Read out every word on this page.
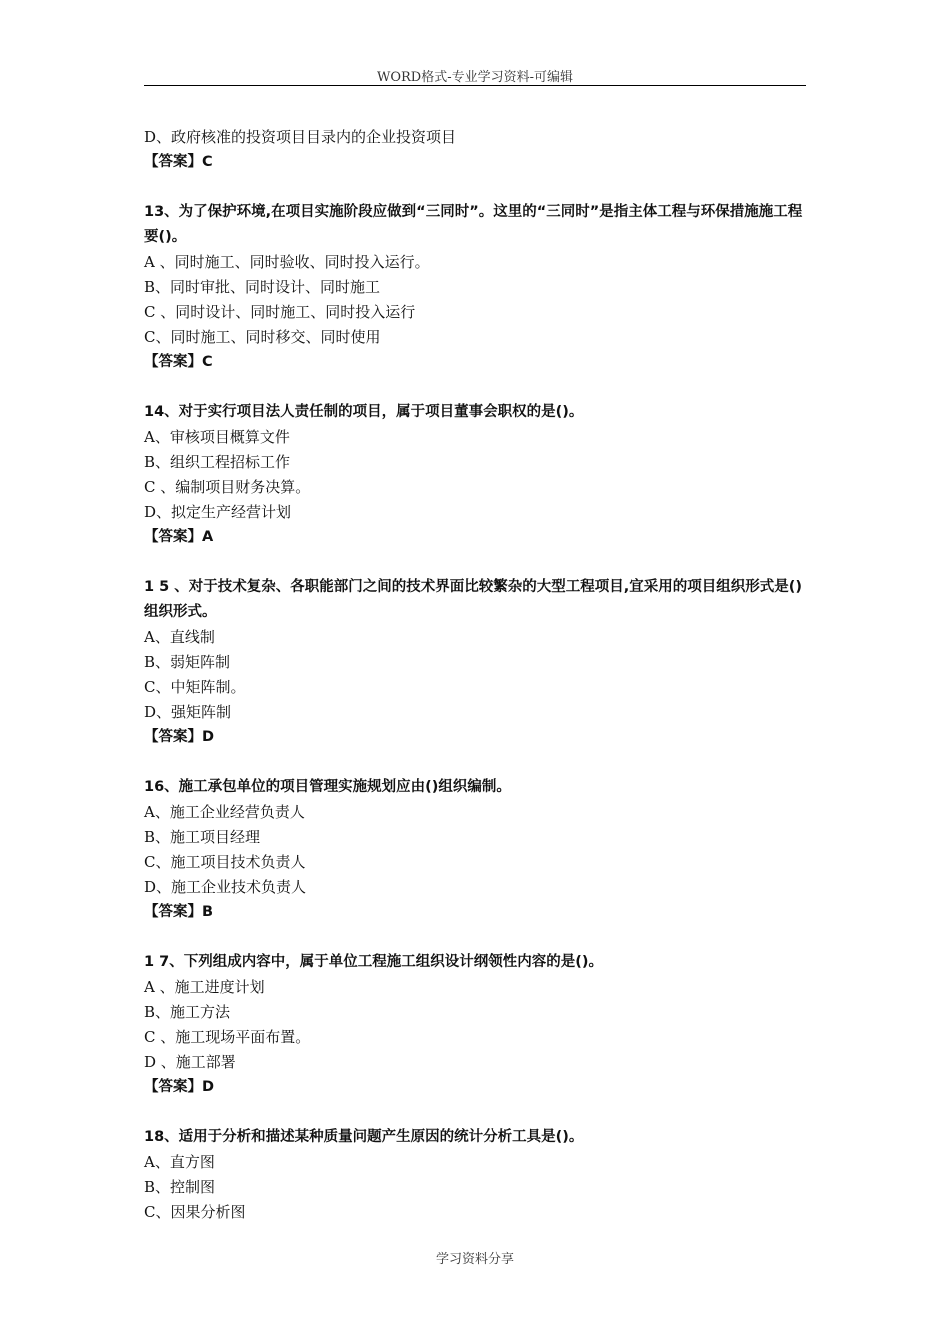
WORD格式-专业学习资料-可编辑
D、政府核准的投资项目目录内的企业投资项目
【答案】C
13、为了保护环境,在项目实施阶段应做到“三同时”。这里的“三同时”是指主体工程与环保措施施工程要()。
A 、同时施工、同时验收、同时投入运行。
B、同时审批、同时设计、同时施工
C 、同时设计、同时施工、同时投入运行
C、同时施工、同时移交、同时使用
【答案】C
14、对于实行项目法人责任制的项目，属于项目董事会职权的是()。
A、审核项目概算文件
B、组织工程招标工作
C 、编制项目财务决算。
D、拟定生产经营计划
【答案】A
1 5 、对于技术复杂、各职能部门之间的技术界面比较繁杂的大型工程项目,宜采用的项目组织形式是()组织形式。
A、直线制
B、弱矩阵制
C、中矩阵制。
D、强矩阵制
【答案】D
16、施工承包单位的项目管理实施规划应由()组织编制。
A、施工企业经营负责人
B、施工项目经理
C、施工项目技术负责人
D、施工企业技术负责人
【答案】B
1 7、下列组成内容中，属于单位工程施工组织设计纲领性内容的是()。
A 、施工进度计划
B、施工方法
C 、施工现场平面布置。
D 、施工部署
【答案】D
18、适用于分析和描述某种质量问题产生原因的统计分析工具是()。
A、直方图
B、控制图
C、因果分析图
学习资料分享
